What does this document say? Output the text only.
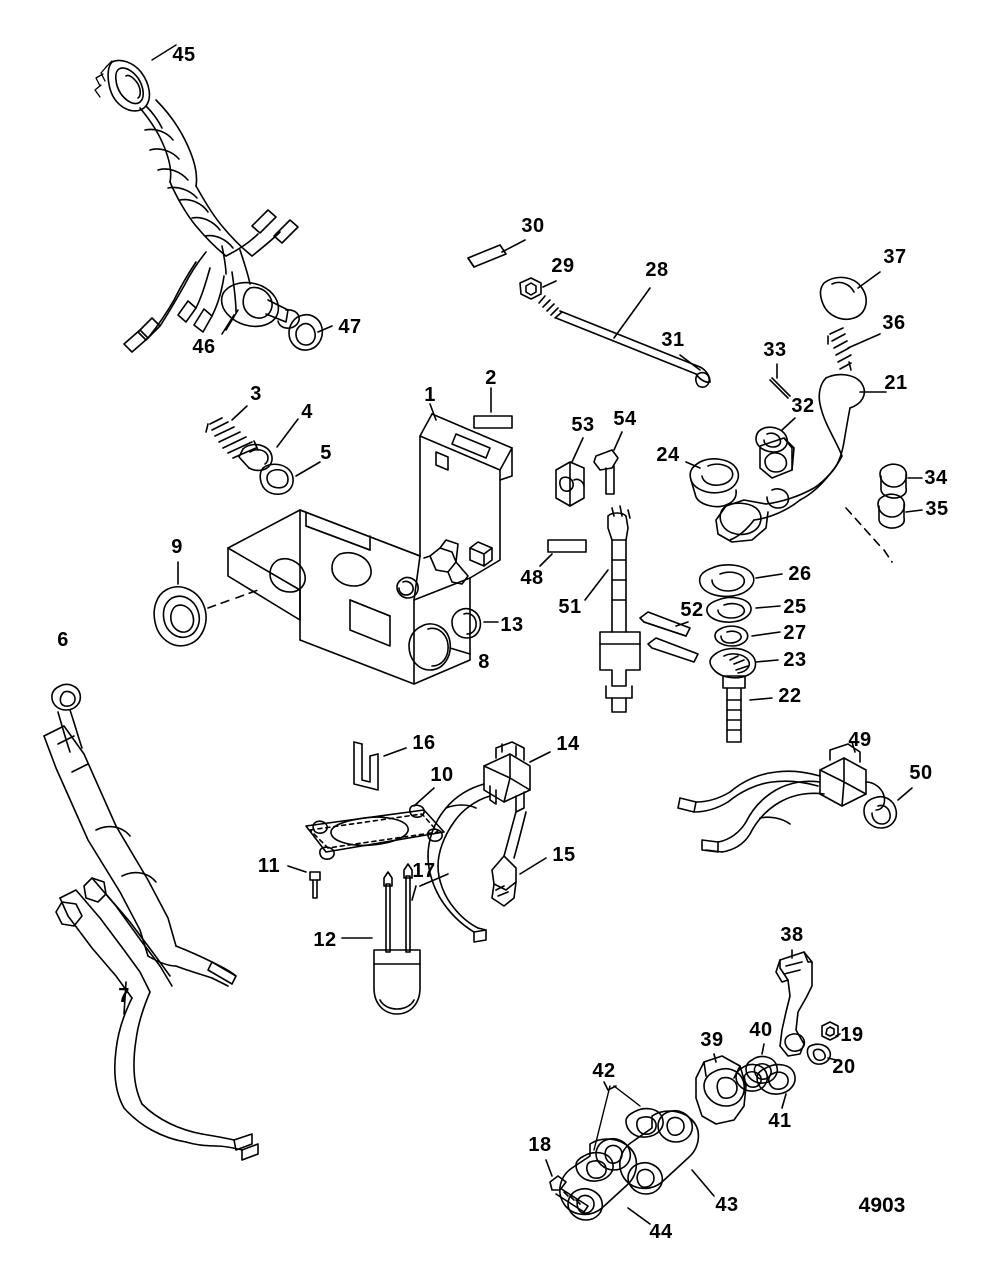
45
30
29	28
37
36
31	33
32
21
46
47
3
4
5
1
2
53 54
24
34
35
9
48
51
26
25
27
13
52
23
8
22
6
16	14	49
50
10
11	17
15
12
7
38
19
20
40
39
41
42
18
43
44
4903
